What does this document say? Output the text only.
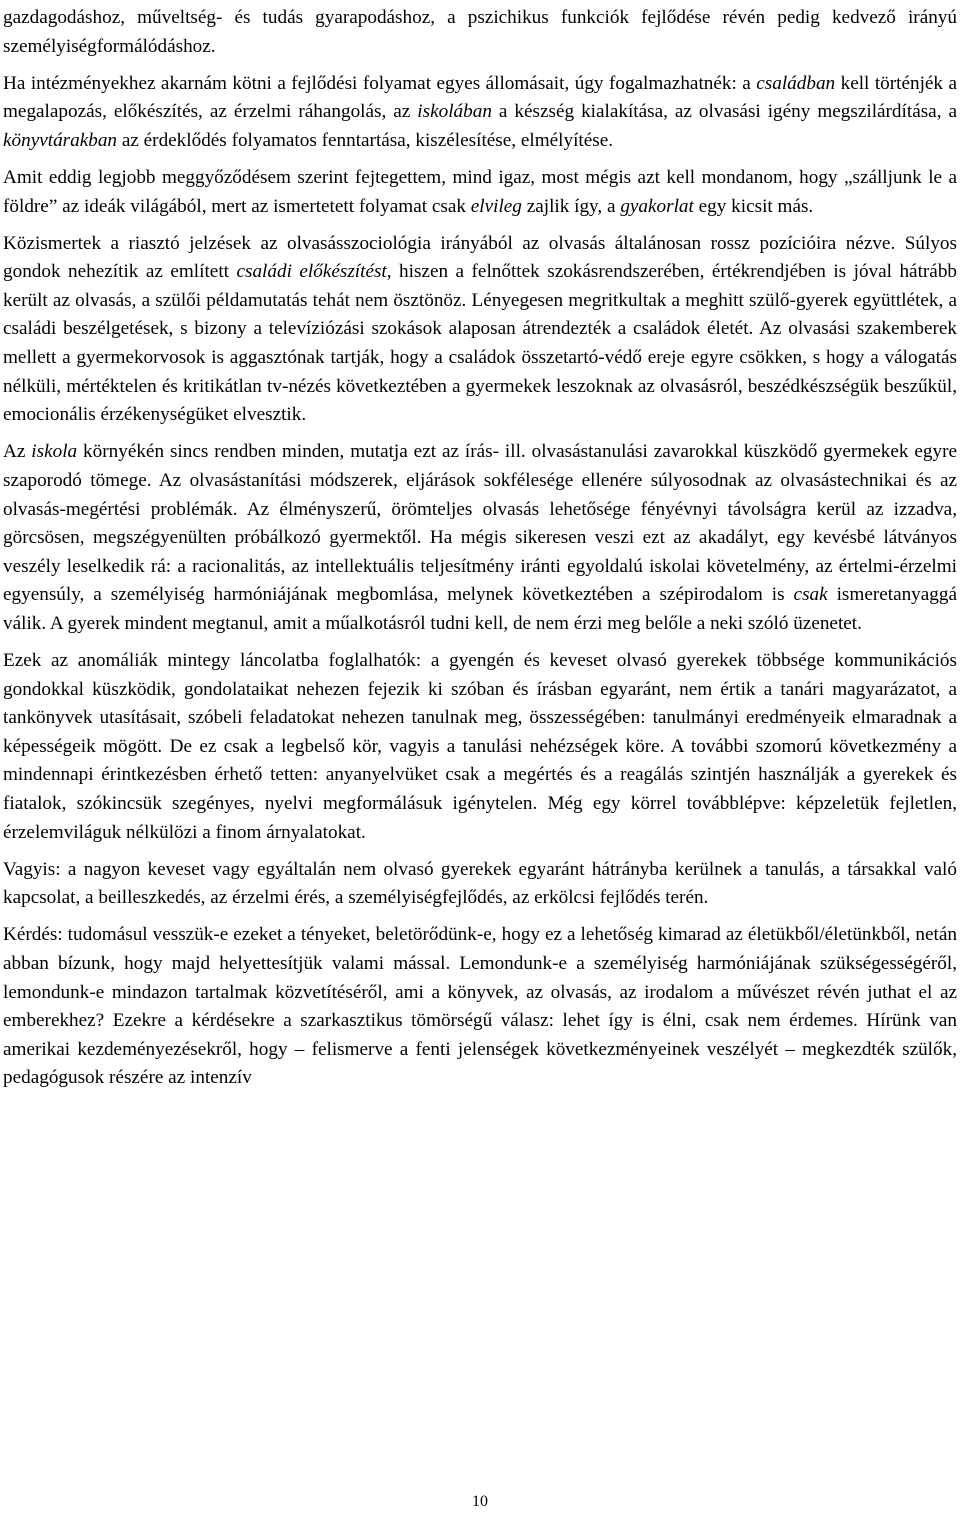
gazdagodáshoz, műveltség- és tudás gyarapodáshoz, a pszichikus funkciók fejlődése révén pedig kedvező irányú személyiségformálódáshoz.

Ha intézményekhez akarnám kötni a fejlődési folyamat egyes állomásait, úgy fogalmazhatnék: a családban kell történjék a megalapozás, előkészítés, az érzelmi ráhangolás, az iskolában a készség kialakítása, az olvasási igény megszilárdítása, a könyvtárakban az érdeklődés folyamatos fenntartása, kiszélesítése, elmélyítése.

Amit eddig legjobb meggyőződésem szerint fejtegettem, mind igaz, most mégis azt kell mondanom, hogy „szálljunk le a földre” az ideák világából, mert az ismertetett folyamat csak elvileg zajlik így, a gyakorlat egy kicsit más.

Közismertek a riasztó jelzések az olvasásszociológia irányából az olvasás általánosan rossz pozícióira nézve. Súlyos gondok nehezítik az említett családi előkészítést, hiszen a felnőttek szokásrendszerében, értékrendjében is jóval hátrább került az olvasás, a szülői példamutatás tehát nem ösztönöz. Lényegesen megritkultak a meghitt szülő-gyerek együttlétek, a családi beszélgetések, s bizony a televíziózási szokások alaposan átrendezték a családok életét. Az olvasási szakemberek mellett a gyermekorvosok is aggasztónak tartják, hogy a családok összetartó-védő ereje egyre csökken, s hogy a válogatás nélküli, mértéktelen és kritikátlan tv-nézés következtében a gyermekek leszoknak az olvasásról, beszédkészségük beszűkül, emocionális érzékenységüket elvesztik.

Az iskola környékén sincs rendben minden, mutatja ezt az írás- ill. olvasástanulási zavarokkal küszködő gyermekek egyre szaporodó tömege. Az olvasástanítási módszerek, eljárások sokfélesége ellenére súlyosodnak az olvasástechnikai és az olvasás-megértési problémák. Az élményszerű, örömteljes olvasás lehetősége fényévnyi távolságra kerül az izzadva, görcsösen, megszégyenülten próbálkozó gyermektől. Ha mégis sikeresen veszi ezt az akadályt, egy kevésbé látványos veszély leselkedik rá: a racionalitás, az intellektuális teljesítmény iránti egyoldalú iskolai követelmény, az értelmi-érzelmi egyensúly, a személyiség harmóniájának megbomlása, melynek következtében a szépirodalom is csak ismeretanyaggá válik. A gyerek mindent megtanul, amit a műalkotásról tudni kell, de nem érzi meg belőle a neki szóló üzenetet.

Ezek az anomáliák mintegy láncolatba foglalhatók: a gyengén és keveset olvasó gyerekek többsége kommunikációs gondokkal küszködik, gondolataikat nehezen fejezik ki szóban és írásban egyaránt, nem értik a tanári magyarázatot, a tankönyvek utasításait, szóbeli feladatokat nehezen tanulnak meg, összességében: tanulmányi eredményeik elmaradnak a képességeik mögött. De ez csak a legbelső kör, vagyis a tanulási nehézségek köre. A további szomorú következmény a mindennapi érintkezésben érhető tetten: anyanyelvüket csak a megértés és a reagálás szintjén használják a gyerekek és fiatalok, szókincsük szegényes, nyelvi megformálásuk igénytelen. Még egy körrel továbblépve: képzeletük fejletlen, érzelemviláguk nélkülözi a finom árnyalatokat.

Vagyis: a nagyon keveset vagy egyáltalán nem olvasó gyerekek egyaránt hátrányba kerülnek a tanulás, a társakkal való kapcsolat, a beilleszkedés, az érzelmi érés, a személyiségfejlődés, az erkölcsi fejlődés terén.

Kérdés: tudomásul vesszük-e ezeket a tényeket, beletörődünk-e, hogy ez a lehetőség kimarad az életükből/életünkből, netán abban bízunk, hogy majd helyettesítjük valami mással. Lemondunk-e a személyiség harmóniájának szükségességéről, lemondunk-e mindazon tartalmak közvetítéséről, ami a könyvek, az olvasás, az irodalom a művészet révén juthat el az emberekhez? Ezekre a kérdésekre a szarkasztikus tömörségű válasz: lehet így is élni, csak nem érdemes. Hírünk van amerikai kezdeményezésekről, hogy – felismerve a fenti jelenségek következményeinek veszélyét – megkezdték szülők, pedagógusok részére az intenzív

10
